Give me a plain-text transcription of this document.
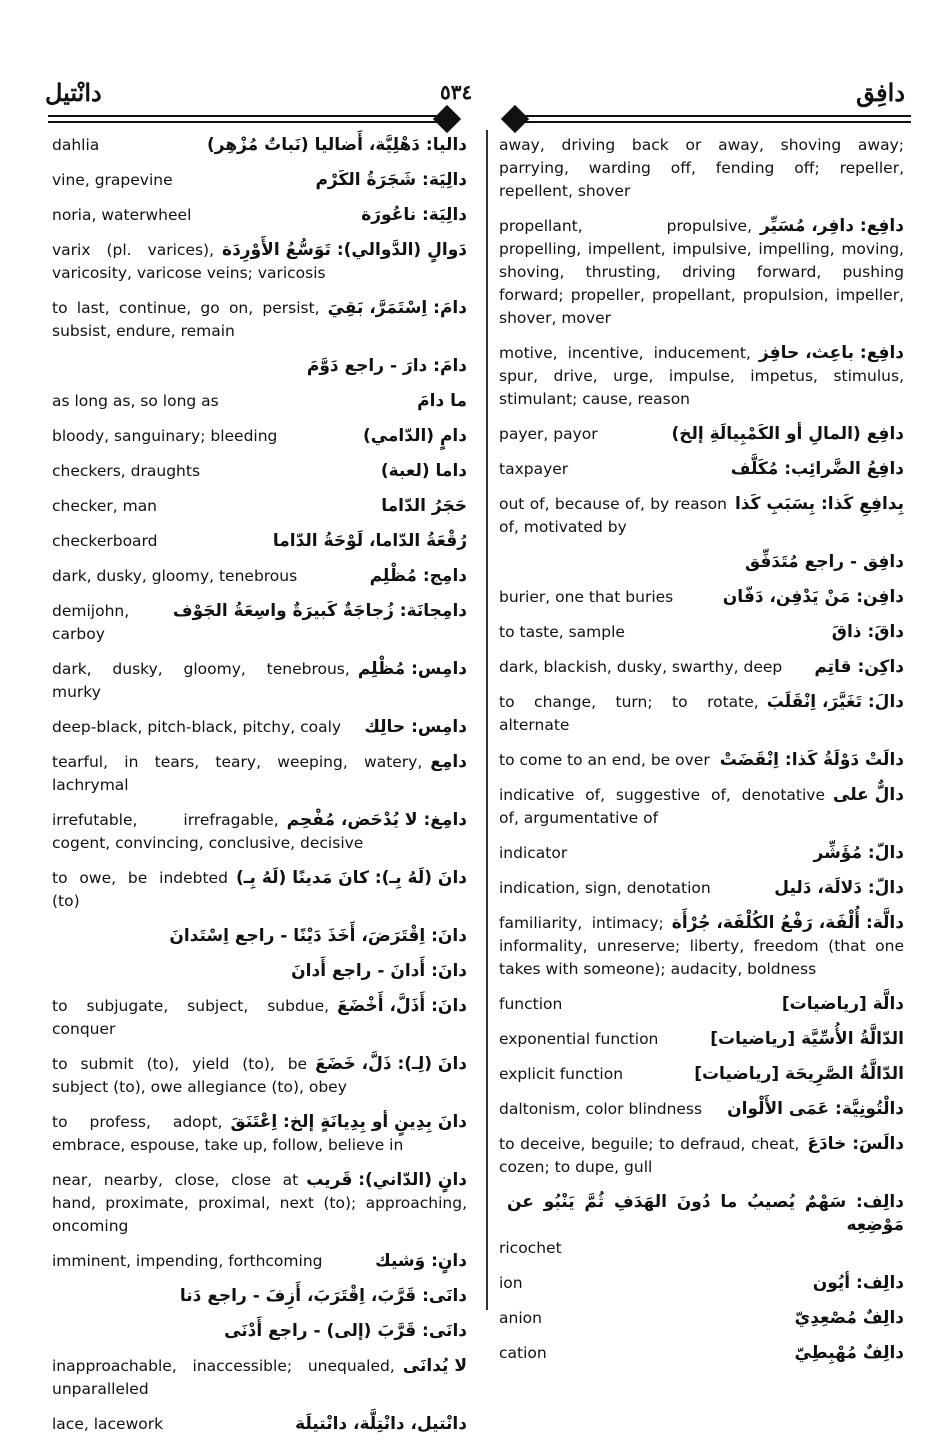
دانْتيل	٥٣٤	دافِق
داليا: دَهْلِيَّة، أَضاليا (نَباتٌ مُزْهِر)
dahlia
دالِيَة: شَجَرَةُ الكَرْم
vine, grapevine
دالِيَة: ناعُورَة
noria, waterwheel
دَوالٍ (الدَّوالي): تَوَسُّعُ الأَوْرِدَة
varix (pl. varices), varicosity, varicose veins; varicosis
دامَ: اِسْتَمَرَّ، بَقِيَ
to last, continue, go on, persist, subsist, endure, remain
دامَ: دارَ - راجع دَوَّمَ
ما دامَ
as long as, so long as
دامٍ (الدّامي)
bloody, sanguinary; bleeding
داما (لعبة)
checkers, draughts
حَجَرُ الدّاما
checker, man
رُقْعَةُ الدّاما، لَوْحَةُ الدّاما
checkerboard
دامِج: مُظْلِم
dark, dusky, gloomy, tenebrous
دامِجانَة: زُجاجَةٌ كَبيرَةٌ واسِعَةُ الجَوْف
demijohn, carboy
دامِس: مُظْلِم
dark, dusky, gloomy, tenebrous, murky
دامِس: حالِك
deep-black, pitch-black, pitchy, coaly
دامِع
tearful, in tears, teary, weeping, watery, lachrymal
دامِغ: لا يُدْحَض، مُفْحِم
irrefutable, irrefragable, cogent, convincing, conclusive, decisive
دانَ (لَهُ بِـ): كانَ مَدينًا (لَهُ بِـ)
to owe, be indebted (to)
دانَ: اِقْتَرَضَ، أَخَذَ دَيْنًا - راجع اِسْتَدانَ
دانَ: أَدانَ - راجع أَدانَ
دانَ: أَذَلَّ، أَخْضَعَ
to subjugate, subject, subdue, conquer
دانَ (لِـ): ذَلَّ، خَضَعَ
to submit (to), yield (to), be subject (to), owe allegiance (to), obey
دانَ بِدِينٍ أو بِدِيانَةٍ إلخ: اِعْتَنَقَ
to profess, adopt, embrace, espouse, take up, follow, believe in
دانٍ (الدّاني): قَريب
near, nearby, close, close at hand, proximate, proximal, next (to); approaching, oncoming
دانٍ: وَشيك
imminent, impending, forthcoming
دانَى: قَرَّبَ، اِقْتَرَبَ، أَزِفَ - راجع دَنا
دانَى: قَرَّبَ (إلى) - راجع أَدْنَى
لا يُدانَى
inapproachable, inaccessible; unequaled, unparalleled
دانْتيل، دانْتِلَّة، دانْتيلَة
lace, lacework
away, driving back or away, shoving away; parrying, warding off, fending off; repeller, repellent, shover
دافِع: دافِر، مُسَيِّر
propellant, propulsive, propelling, impellent, impulsive, impelling, moving, shoving, thrusting, driving forward, pushing forward; propeller, propellant, propulsion, impeller, shover, mover
دافِع: باعِث، حافِز
motive, incentive, inducement, spur, drive, urge, impulse, impetus, stimulus, stimulant; cause, reason
دافِع (المالِ أو الكَمْبِيالَةِ إلخ)
payer, payor
دافِعُ الضَّرائِب: مُكَلَّف
taxpayer
بِدافِعِ كَذا: بِسَبَبِ كَذا
out of, because of, by reason of, motivated by
دافِق - راجع مُتَدَفِّق
دافِن: مَنْ يَدْفِن، دَفّان
burier, one that buries
داقَ: ذاقَ
to taste, sample
داكِن: قاتِم
dark, blackish, dusky, swarthy, deep
دالَ: تَغَيَّرَ، اِنْقَلَبَ
to change, turn; to rotate, alternate
دالَتْ دَوْلَةُ كَذا: اِنْقَضَتْ
to come to an end, be over
دالٌّ على
indicative of, suggestive of, denotative of, argumentative of
دالّ: مُؤَشِّر
indicator
دالّ: دَلالَة، دَليل
indication, sign, denotation
دالَّة: أُلْفَة، رَفْعُ الكُلْفَة، جُرْأَة
familiarity, intimacy; informality, unreserve; liberty, freedom (that one takes with someone); audacity, boldness
دالَّة [رياضيات]
function
الدّالَّةُ الأُسِّيَّة [رياضيات]
exponential function
الدّالَّةُ الصَّرِيحَة [رياضيات]
explicit function
دالْتُونِيَّة: عَمَى الأَلْوان
daltonism, color blindness
دالَسَ: خادَعَ
to deceive, beguile; to defraud, cheat, cozen; to dupe, gull
دالِف: سَهْمٌ يُصيبُ ما دُونَ الهَدَفِ ثُمَّ يَنْبُو عن مَوْضِعِه
ricochet
دالِف: أيُون
ion
دالِفٌ مُصْعِدِيّ
anion
دالِفٌ مُهْبِطِيّ
cation
